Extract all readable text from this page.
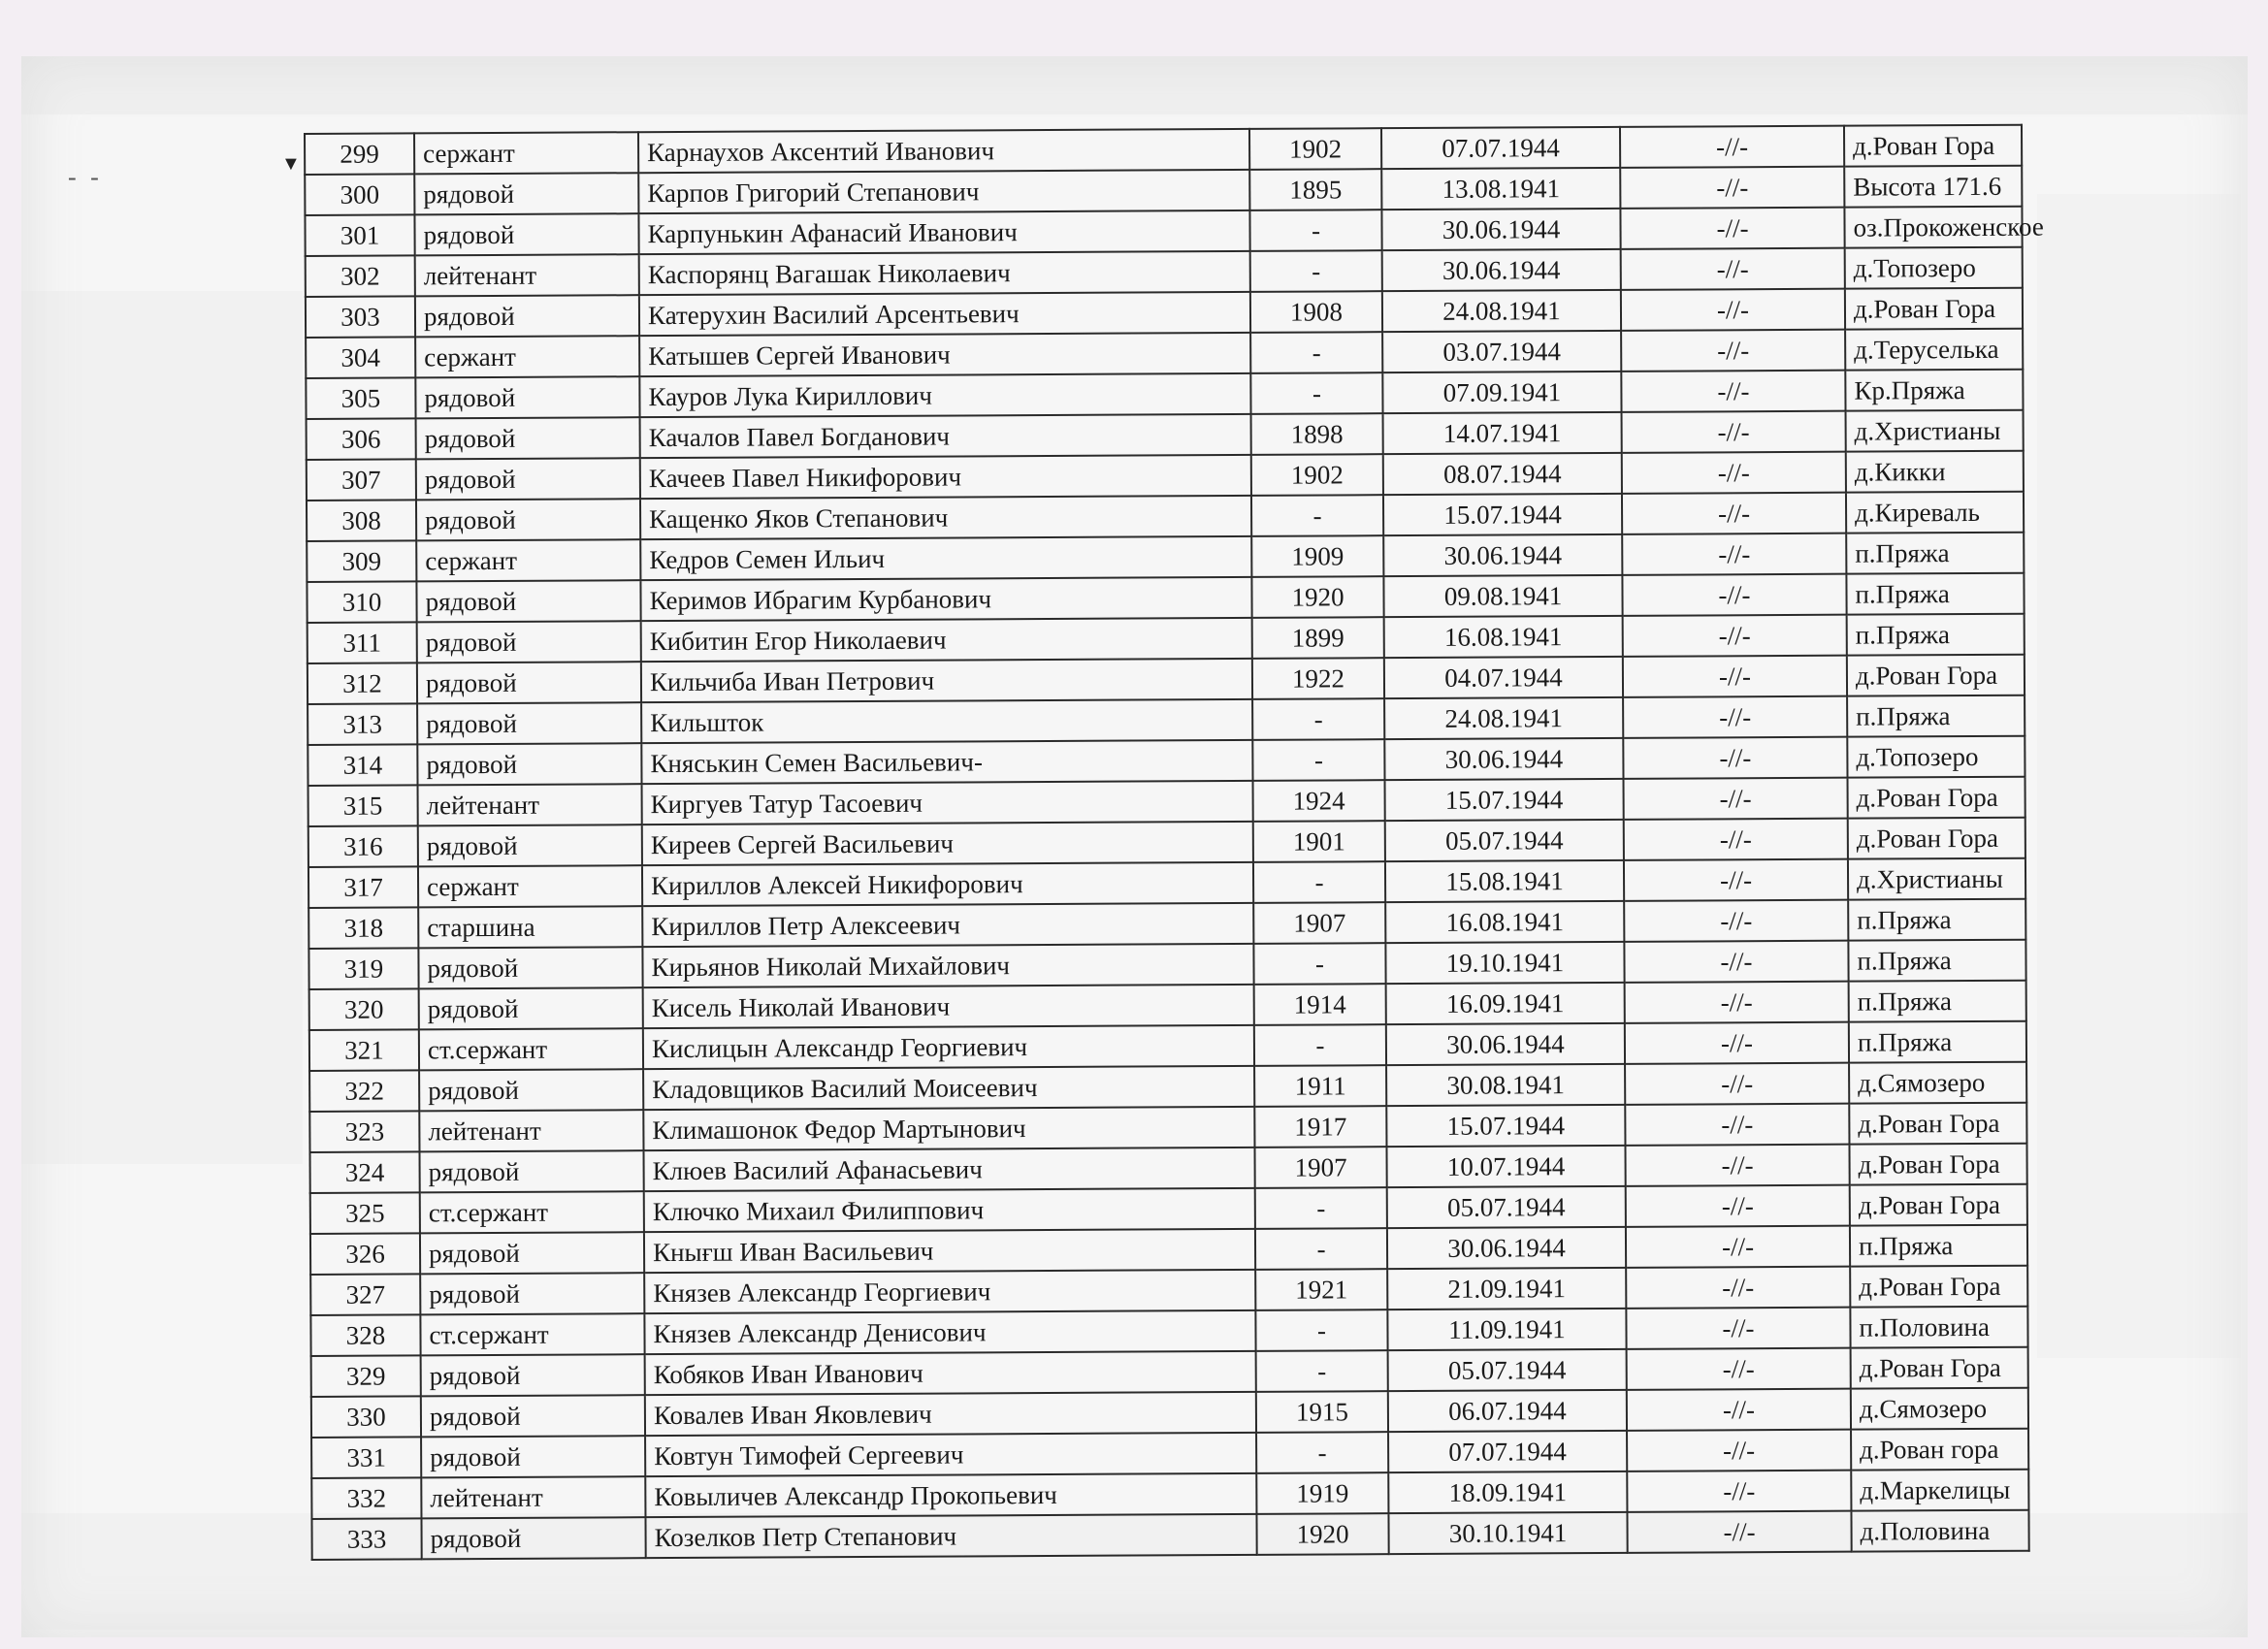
▼
- -
299	сержант	Карнаухов Аксентий Иванович	1902	07.07.1944	-//-	д.Рован Гора
300	рядовой	Карпов Григорий Степанович	1895	13.08.1941	-//-	Высота 171.6
301	рядовой	Карпунькин Афанасий Иванович	-	30.06.1944	-//-	оз.Прокоженское
302	лейтенант	Каспорянц Вагашак Николаевич	-	30.06.1944	-//-	д.Топозеро
303	рядовой	Катерухин Василий Арсентьевич	1908	24.08.1941	-//-	д.Рован Гора
304	сержант	Катышев Сергей Иванович	-	03.07.1944	-//-	д.Теруселька
305	рядовой	Кауров Лука Кириллович	-	07.09.1941	-//-	Кр.Пряжа
306	рядовой	Качалов Павел Богданович	1898	14.07.1941	-//-	д.Христианы
307	рядовой	Качеев Павел Никифорович	1902	08.07.1944	-//-	д.Кикки
308	рядовой	Кащенко Яков Степанович	-	15.07.1944	-//-	д.Киреваль
309	сержант	Кедров Семен Ильич	1909	30.06.1944	-//-	п.Пряжа
310	рядовой	Керимов Ибрагим Курбанович	1920	09.08.1941	-//-	п.Пряжа
311	рядовой	Кибитин Егор Николаевич	1899	16.08.1941	-//-	п.Пряжа
312	рядовой	Кильчиба Иван Петрович	1922	04.07.1944	-//-	д.Рован Гора
313	рядовой	Кильшток	-	24.08.1941	-//-	п.Пряжа
314	рядовой	Княськин Семен Васильевич-	-	30.06.1944	-//-	д.Топозеро
315	лейтенант	Киргуев Татур Тасоевич	1924	15.07.1944	-//-	д.Рован Гора
316	рядовой	Киреев Сергей Васильевич	1901	05.07.1944	-//-	д.Рован Гора
317	сержант	Кириллов Алексей Никифорович	-	15.08.1941	-//-	д.Христианы
318	старшина	Кириллов Петр Алексеевич	1907	16.08.1941	-//-	п.Пряжа
319	рядовой	Кирьянов Николай Михайлович	-	19.10.1941	-//-	п.Пряжа
320	рядовой	Кисель Николай Иванович	1914	16.09.1941	-//-	п.Пряжа
321	ст.сержант	Кислицын Александр Георгиевич	-	30.06.1944	-//-	п.Пряжа
322	рядовой	Кладовщиков Василий Моисеевич	1911	30.08.1941	-//-	д.Сямозеро
323	лейтенант	Климашонок Федор Мартынович	1917	15.07.1944	-//-	д.Рован Гора
324	рядовой	Клюев Василий Афанасьевич	1907	10.07.1944	-//-	д.Рован Гора
325	ст.сержант	Ключко Михаил Филиппович	-	05.07.1944	-//-	д.Рован Гора
326	рядовой	Кнығш Иван Васильевич	-	30.06.1944	-//-	п.Пряжа
327	рядовой	Князев Александр Георгиевич	1921	21.09.1941	-//-	д.Рован Гора
328	ст.сержант	Князев Александр Денисович	-	11.09.1941	-//-	п.Половина
329	рядовой	Кобяков Иван Иванович	-	05.07.1944	-//-	д.Рован Гора
330	рядовой	Ковалев Иван Яковлевич	1915	06.07.1944	-//-	д.Сямозеро
331	рядовой	Ковтун Тимофей Сергеевич	-	07.07.1944	-//-	д.Рован гора
332	лейтенант	Ковыличев Александр Прокопьевич	1919	18.09.1941	-//-	д.Маркелицы
333	рядовой	Козелков Петр Степанович	1920	30.10.1941	-//-	д.Половина
